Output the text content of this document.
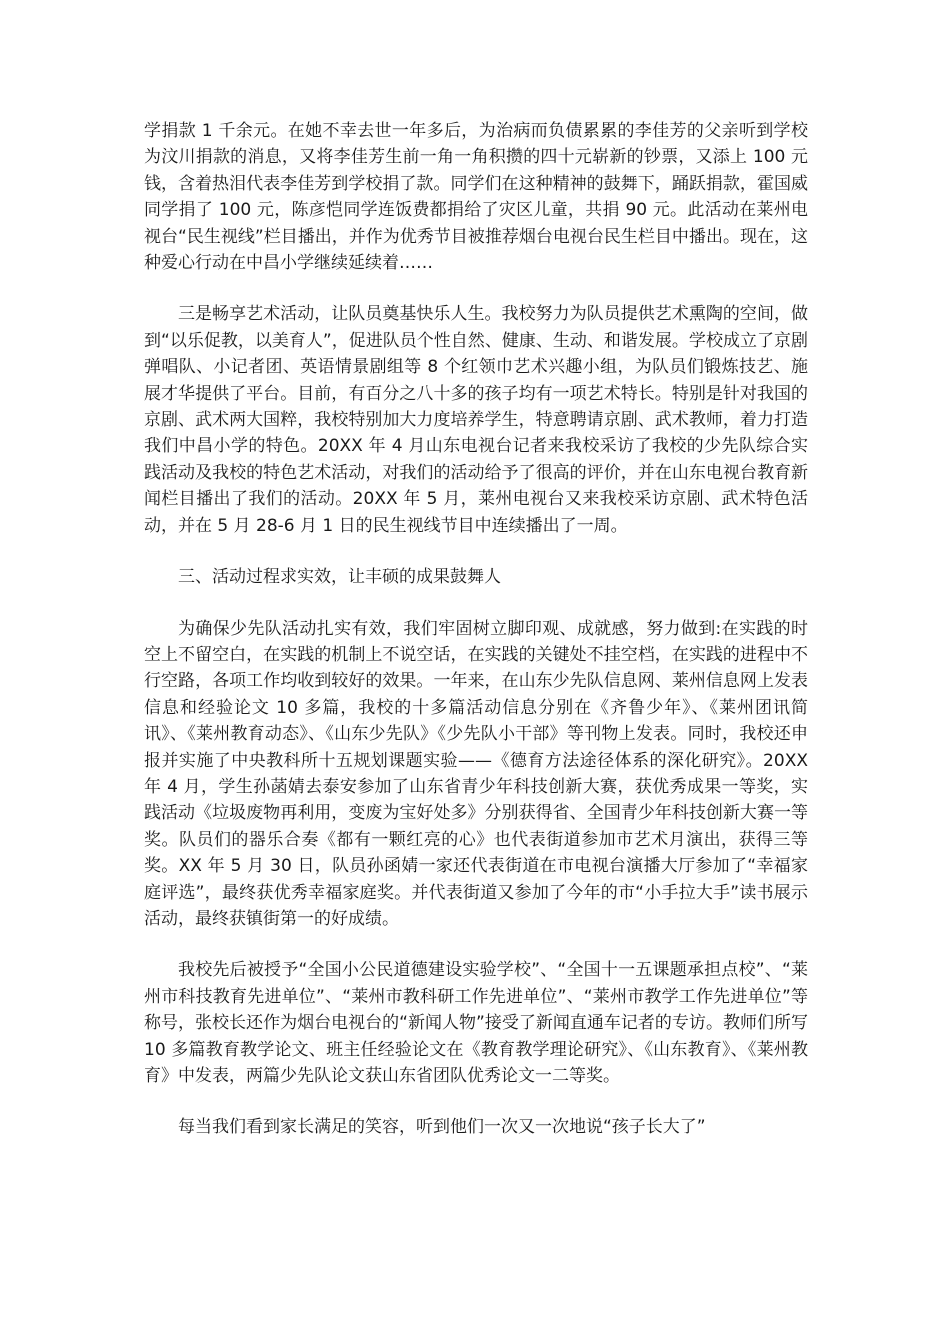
学捐款 1 千余元。在她不幸去世一年多后，为治病而负债累累的李佳芳的父亲听到学校为汶川捐款的消息，又将李佳芳生前一角一角积攒的四十元崭新的钞票，又添上 100 元钱，含着热泪代表李佳芳到学校捐了款。同学们在这种精神的鼓舞下，踊跃捐款，霍国威同学捐了 100 元，陈彦恺同学连饭费都捐给了灾区儿童，共捐 90 元。此活动在莱州电视台“民生视线”栏目播出，并作为优秀节目被推荐烟台电视台民生栏目中播出。现在，这种爱心行动在中昌小学继续延续着……

三是畅享艺术活动，让队员奠基快乐人生。我校努力为队员提供艺术熏陶的空间，做到“以乐促教，以美育人”，促进队员个性自然、健康、生动、和谐发展。学校成立了京剧弹唱队、小记者团、英语情景剧组等 8 个红领巾艺术兴趣小组，为队员们锻炼技艺、施展才华提供了平台。目前，有百分之八十多的孩子均有一项艺术特长。特别是针对我国的京剧、武术两大国粹，我校特别加大力度培养学生，特意聘请京剧、武术教师，着力打造我们中昌小学的特色。20XX 年 4 月山东电视台记者来我校采访了我校的少先队综合实践活动及我校的特色艺术活动，对我们的活动给予了很高的评价，并在山东电视台教育新闻栏目播出了我们的活动。20XX 年 5 月，莱州电视台又来我校采访京剧、武术特色活动，并在 5 月 28-6 月 1 日的民生视线节目中连续播出了一周。

三、活动过程求实效，让丰硕的成果鼓舞人

为确保少先队活动扎实有效，我们牢固树立脚印观、成就感，努力做到:在实践的时空上不留空白，在实践的机制上不说空话，在实践的关键处不挂空档，在实践的进程中不行空路，各项工作均收到较好的效果。一年来，在山东少先队信息网、莱州信息网上发表信息和经验论文 10 多篇，我校的十多篇活动信息分别在《齐鲁少年》、《莱州团讯简讯》、《莱州教育动态》、《山东少先队》《少先队小干部》等刊物上发表。同时，我校还申报并实施了中央教科所十五规划课题实验——《德育方法途径体系的深化研究》。20XX 年 4 月，学生孙菡婧去泰安参加了山东省青少年科技创新大赛，获优秀成果一等奖，实践活动《垃圾废物再利用，变废为宝好处多》分别获得省、全国青少年科技创新大赛一等奖。队员们的器乐合奏《都有一颗红亮的心》也代表街道参加市艺术月演出，获得三等奖。XX 年 5 月 30 日，队员孙函婧一家还代表街道在市电视台演播大厅参加了“幸福家庭评选”，最终获优秀幸福家庭奖。并代表街道又参加了今年的市“小手拉大手”读书展示活动，最终获镇街第一的好成绩。

我校先后被授予“全国小公民道德建设实验学校”、“全国十一五课题承担点校”、“莱州市科技教育先进单位”、“莱州市教科研工作先进单位”、“莱州市教学工作先进单位”等称号，张校长还作为烟台电视台的“新闻人物”接受了新闻直通车记者的专访。教师们所写 10 多篇教育教学论文、班主任经验论文在《教育教学理论研究》、《山东教育》、《莱州教育》中发表，两篇少先队论文获山东省团队优秀论文一二等奖。

每当我们看到家长满足的笑容，听到他们一次又一次地说“孩子长大了”
